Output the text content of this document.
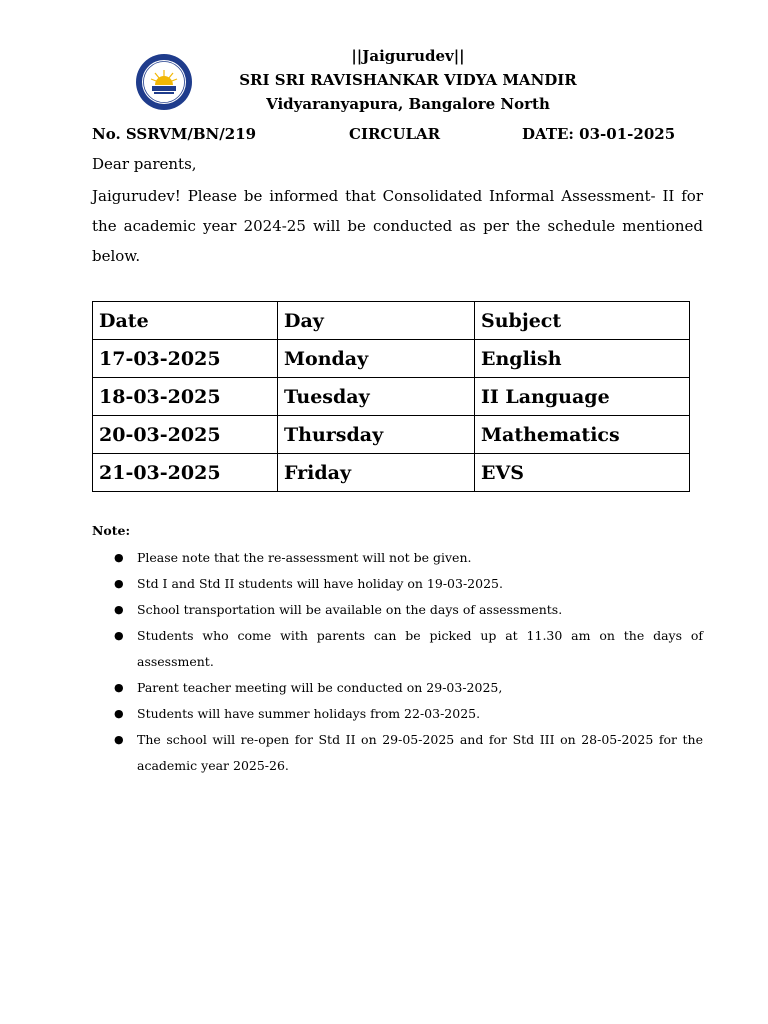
||Jaigurudev||
SRI SRI RAVISHANKAR VIDYA MANDIR
Vidyaranyapura, Bangalore North
No. SSRVM/BN/219	CIRCULAR	DATE: 03-01-2025
Dear parents,
Jaigurudev! Please be informed that Consolidated Informal Assessment- II for the academic year 2024-25 will be conducted as per the schedule mentioned below.
Date	Day	Subject
17-03-2025	Monday	English
18-03-2025	Tuesday	II Language
20-03-2025	Thursday	Mathematics
21-03-2025	Friday	EVS
Note:
● Please note that the re-assessment will not be given.
● Std I and Std II students will have holiday on 19-03-2025.
● School transportation will be available on the days of assessments.
● Students who come with parents can be picked up at 11.30 am on the days of assessment.
● Parent teacher meeting will be conducted on 29-03-2025,
● Students will have summer holidays from 22-03-2025.
● The school will re-open for Std II on 29-05-2025 and for Std III on 28-05-2025 for the academic year 2025-26.
